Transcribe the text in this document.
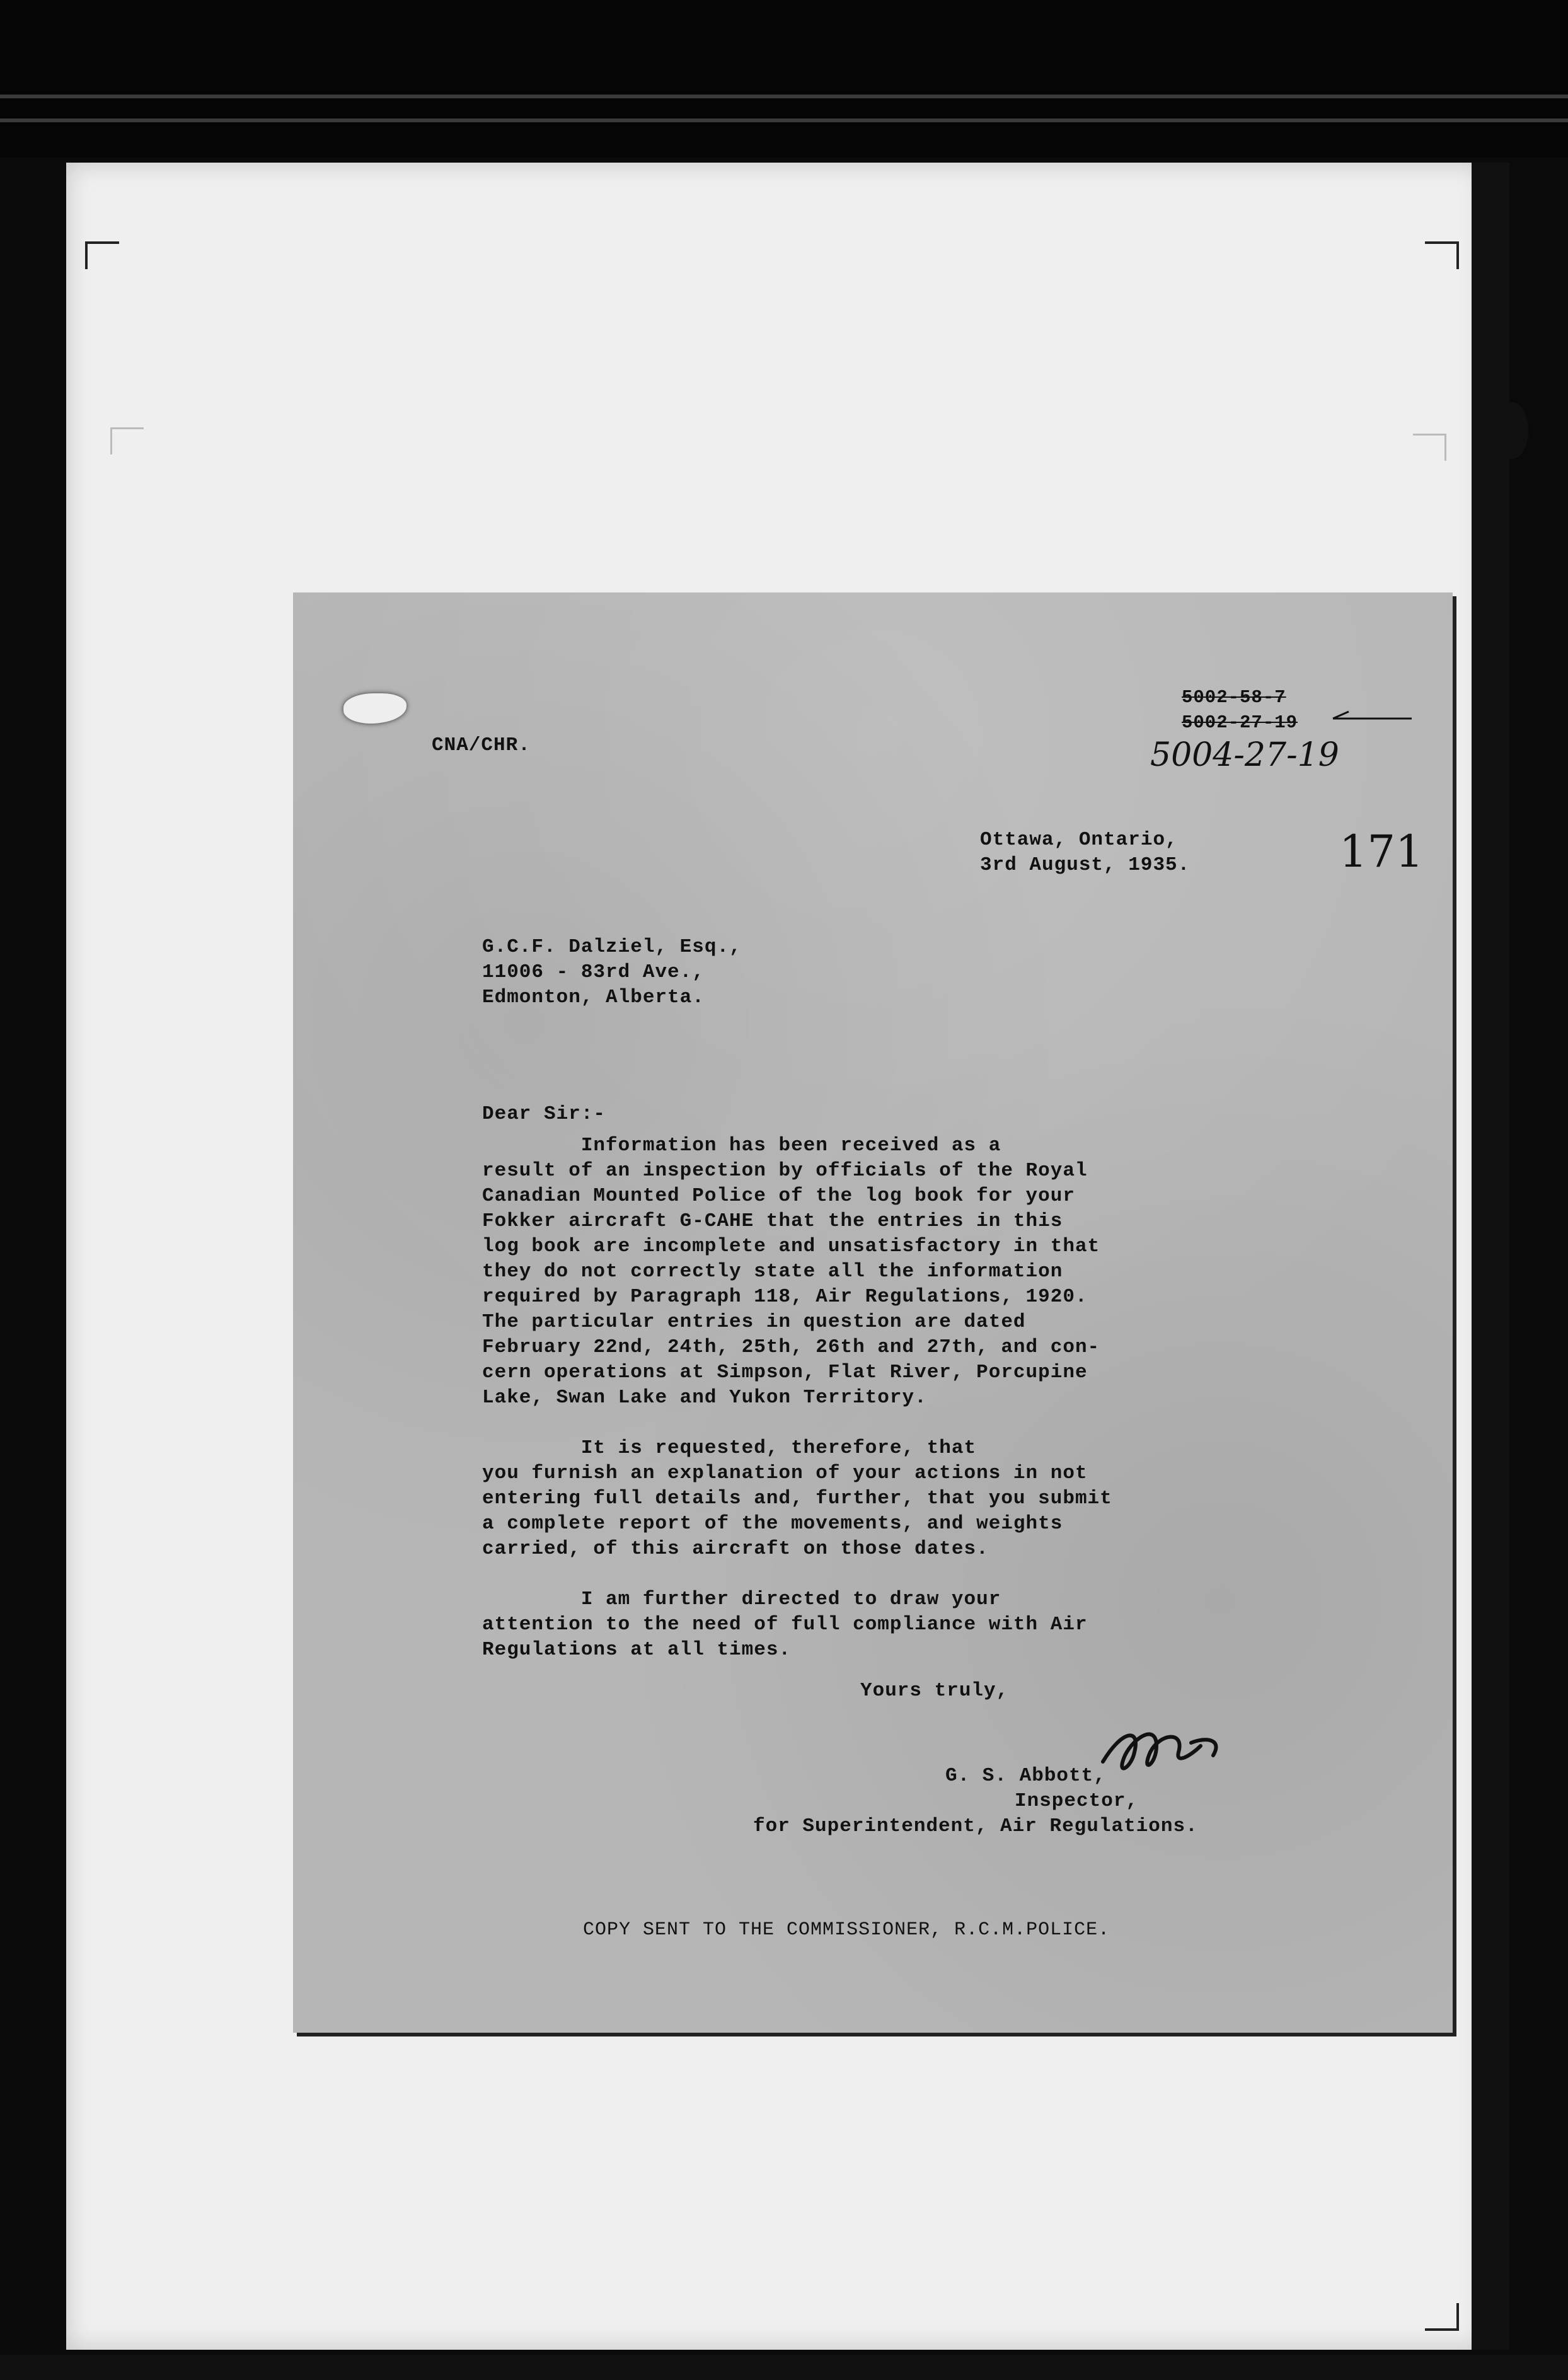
CNA/CHR.
5002-58-7
5002-27-19
5004-27-19
Ottawa, Ontario,
3rd August, 1935.	171
G.C.F. Dalziel, Esq.,
11006 - 83rd Ave.,
Edmonton, Alberta.
Dear Sir:-
Information has been received as a
result of an inspection by officials of the Royal
Canadian Mounted Police of the log book for your
Fokker aircraft G-CAHE that the entries in this
log book are incomplete and unsatisfactory in that
they do not correctly state all the information
required by Paragraph 118, Air Regulations, 1920.
The particular entries in question are dated
February 22nd, 24th, 25th, 26th and 27th, and con-
cern operations at Simpson, Flat River, Porcupine
Lake, Swan Lake and Yukon Territory.
It is requested, therefore, that
you furnish an explanation of your actions in not
entering full details and, further, that you submit
a complete report of the movements, and weights
carried, of this aircraft on those dates.
I am further directed to draw your
attention to the need of full compliance with Air
Regulations at all times.
Yours truly,
G. S. Abbott,
Inspector,
for Superintendent, Air Regulations.
COPY SENT TO THE COMMISSIONER, R.C.M.POLICE.
